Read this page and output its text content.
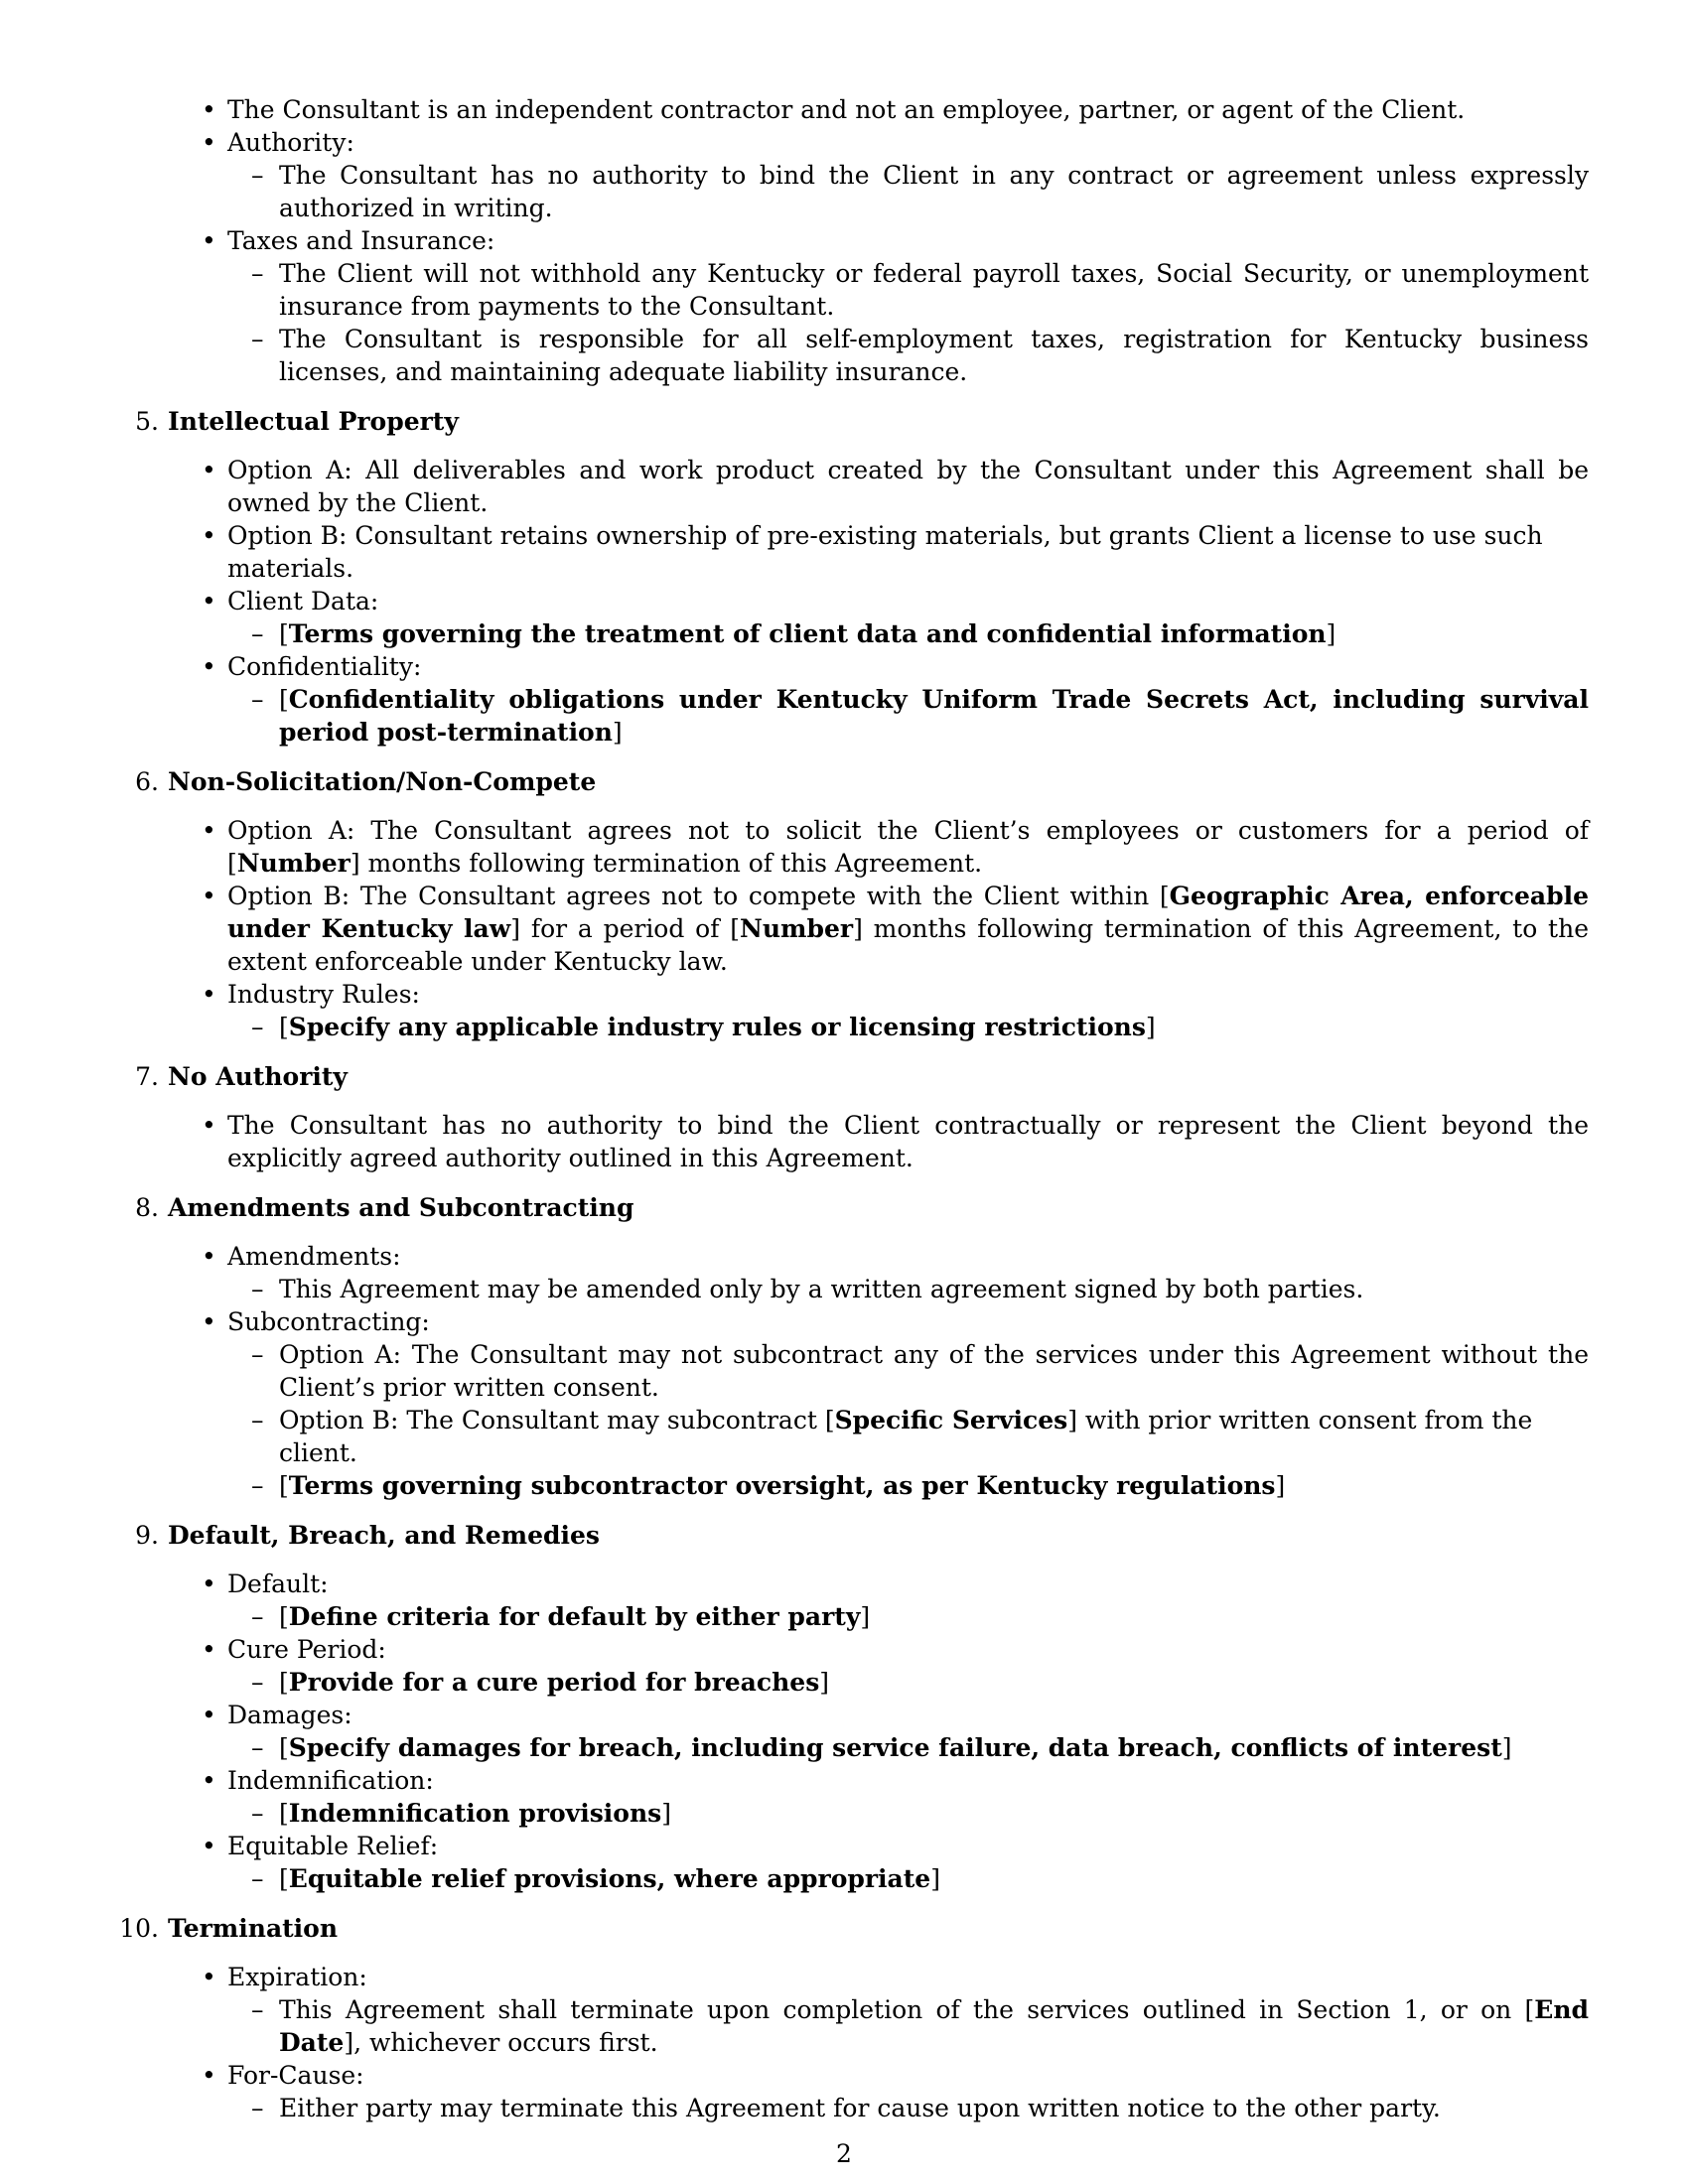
• The Consultant is an independent contractor and not an employee, partner, or agent of the Client.
• Authority:
– The Consultant has no authority to bind the Client in any contract or agreement unless expressly authorized in writing.
• Taxes and Insurance:
– The Client will not withhold any Kentucky or federal payroll taxes, Social Security, or unemployment insurance from payments to the Consultant.
– The Consultant is responsible for all self-employment taxes, registration for Kentucky business licenses, and maintaining adequate liability insurance.
5. Intellectual Property
• Option A: All deliverables and work product created by the Consultant under this Agreement shall be owned by the Client.
• Option B: Consultant retains ownership of pre-existing materials, but grants Client a license to use such materials.
• Client Data:
– [Terms governing the treatment of client data and confidential information]
• Confidentiality:
– [Confidentiality obligations under Kentucky Uniform Trade Secrets Act, including survival period post-termination]
6. Non-Solicitation/Non-Compete
• Option A: The Consultant agrees not to solicit the Client’s employees or customers for a period of [Number] months following termination of this Agreement.
• Option B: The Consultant agrees not to compete with the Client within [Geographic Area, enforceable under Kentucky law] for a period of [Number] months following termination of this Agreement, to the extent enforceable under Kentucky law.
• Industry Rules:
– [Specify any applicable industry rules or licensing restrictions]
7. No Authority
• The Consultant has no authority to bind the Client contractually or represent the Client beyond the explicitly agreed authority outlined in this Agreement.
8. Amendments and Subcontracting
• Amendments:
– This Agreement may be amended only by a written agreement signed by both parties.
• Subcontracting:
– Option A: The Consultant may not subcontract any of the services under this Agreement without the Client’s prior written consent.
– Option B: The Consultant may subcontract [Specific Services] with prior written consent from the client.
– [Terms governing subcontractor oversight, as per Kentucky regulations]
9. Default, Breach, and Remedies
• Default:
– [Define criteria for default by either party]
• Cure Period:
– [Provide for a cure period for breaches]
• Damages:
– [Specify damages for breach, including service failure, data breach, conflicts of interest]
• Indemnification:
– [Indemnification provisions]
• Equitable Relief:
– [Equitable relief provisions, where appropriate]
10. Termination
• Expiration:
– This Agreement shall terminate upon completion of the services outlined in Section 1, or on [End Date], whichever occurs first.
• For-Cause:
– Either party may terminate this Agreement for cause upon written notice to the other party.
2
